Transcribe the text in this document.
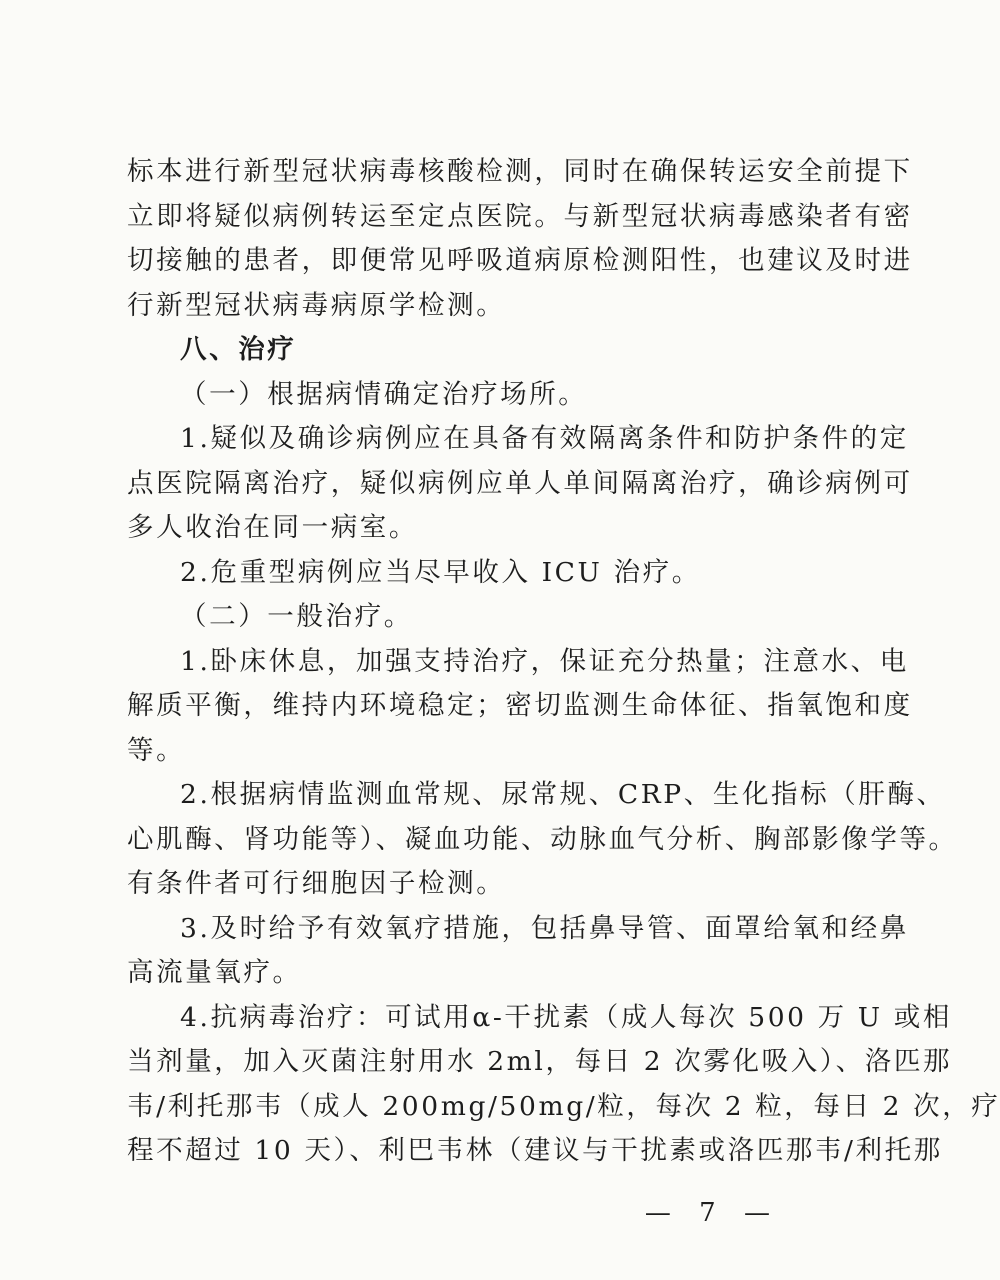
标本进行新型冠状病毒核酸检测，同时在确保转运安全前提下
立即将疑似病例转运至定点医院。与新型冠状病毒感染者有密
切接触的患者，即便常见呼吸道病原检测阳性，也建议及时进
行新型冠状病毒病原学检测。
八、治疗
（一）根据病情确定治疗场所。
1.疑似及确诊病例应在具备有效隔离条件和防护条件的定
点医院隔离治疗，疑似病例应单人单间隔离治疗，确诊病例可
多人收治在同一病室。
2.危重型病例应当尽早收入 ICU 治疗。
（二）一般治疗。
1.卧床休息，加强支持治疗，保证充分热量；注意水、电
解质平衡，维持内环境稳定；密切监测生命体征、指氧饱和度
等。
2.根据病情监测血常规、尿常规、CRP、生化指标（肝酶、
心肌酶、肾功能等）、凝血功能、动脉血气分析、胸部影像学等。
有条件者可行细胞因子检测。
3.及时给予有效氧疗措施，包括鼻导管、面罩给氧和经鼻
高流量氧疗。
4.抗病毒治疗：可试用α-干扰素（成人每次 500 万 U 或相
当剂量，加入灭菌注射用水 2ml，每日 2 次雾化吸入）、洛匹那
韦/利托那韦（成人 200mg/50mg/粒，每次 2 粒，每日 2 次，疗
程不超过 10 天）、利巴韦林（建议与干扰素或洛匹那韦/利托那
— 7 —
